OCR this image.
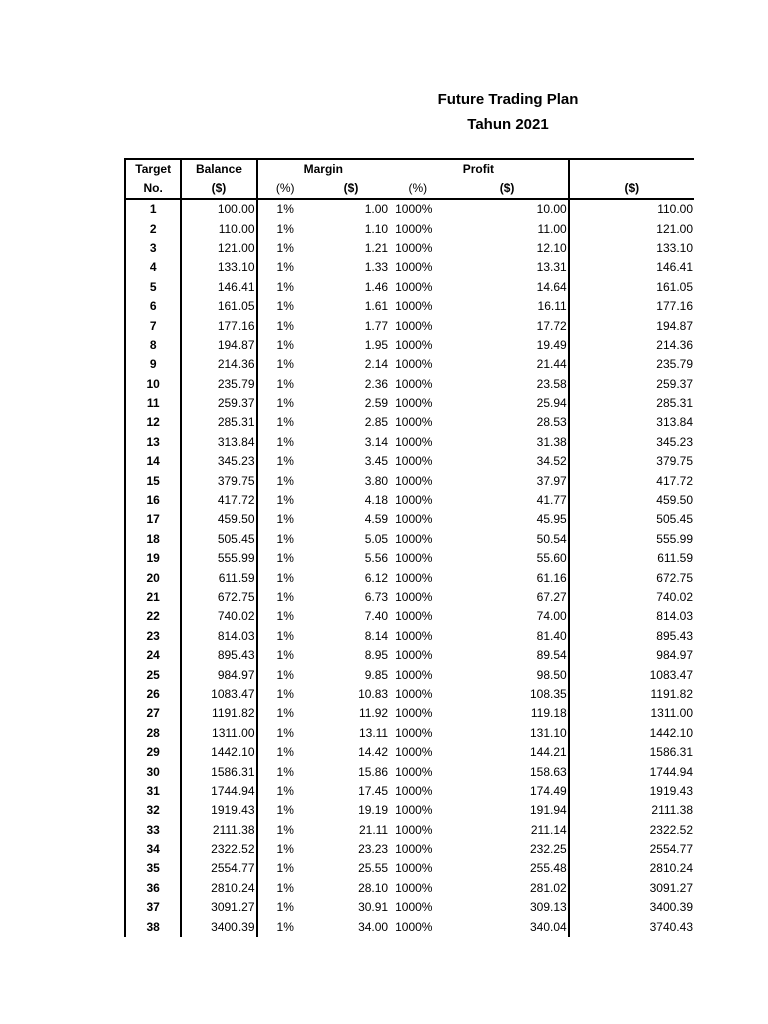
Future Trading Plan
Tahun 2021
Target	Balance	Margin		Profit		
No.	($)	(%)	($)	(%)	($)	($)
1	100.00	1%	1.00	1000%	10.00	110.00
2	110.00	1%	1.10	1000%	11.00	121.00
3	121.00	1%	1.21	1000%	12.10	133.10
4	133.10	1%	1.33	1000%	13.31	146.41
5	146.41	1%	1.46	1000%	14.64	161.05
6	161.05	1%	1.61	1000%	16.11	177.16
7	177.16	1%	1.77	1000%	17.72	194.87
8	194.87	1%	1.95	1000%	19.49	214.36
9	214.36	1%	2.14	1000%	21.44	235.79
10	235.79	1%	2.36	1000%	23.58	259.37
11	259.37	1%	2.59	1000%	25.94	285.31
12	285.31	1%	2.85	1000%	28.53	313.84
13	313.84	1%	3.14	1000%	31.38	345.23
14	345.23	1%	3.45	1000%	34.52	379.75
15	379.75	1%	3.80	1000%	37.97	417.72
16	417.72	1%	4.18	1000%	41.77	459.50
17	459.50	1%	4.59	1000%	45.95	505.45
18	505.45	1%	5.05	1000%	50.54	555.99
19	555.99	1%	5.56	1000%	55.60	611.59
20	611.59	1%	6.12	1000%	61.16	672.75
21	672.75	1%	6.73	1000%	67.27	740.02
22	740.02	1%	7.40	1000%	74.00	814.03
23	814.03	1%	8.14	1000%	81.40	895.43
24	895.43	1%	8.95	1000%	89.54	984.97
25	984.97	1%	9.85	1000%	98.50	1083.47
26	1083.47	1%	10.83	1000%	108.35	1191.82
27	1191.82	1%	11.92	1000%	119.18	1311.00
28	1311.00	1%	13.11	1000%	131.10	1442.10
29	1442.10	1%	14.42	1000%	144.21	1586.31
30	1586.31	1%	15.86	1000%	158.63	1744.94
31	1744.94	1%	17.45	1000%	174.49	1919.43
32	1919.43	1%	19.19	1000%	191.94	2111.38
33	2111.38	1%	21.11	1000%	211.14	2322.52
34	2322.52	1%	23.23	1000%	232.25	2554.77
35	2554.77	1%	25.55	1000%	255.48	2810.24
36	2810.24	1%	28.10	1000%	281.02	3091.27
37	3091.27	1%	30.91	1000%	309.13	3400.39
38	3400.39	1%	34.00	1000%	340.04	3740.43
